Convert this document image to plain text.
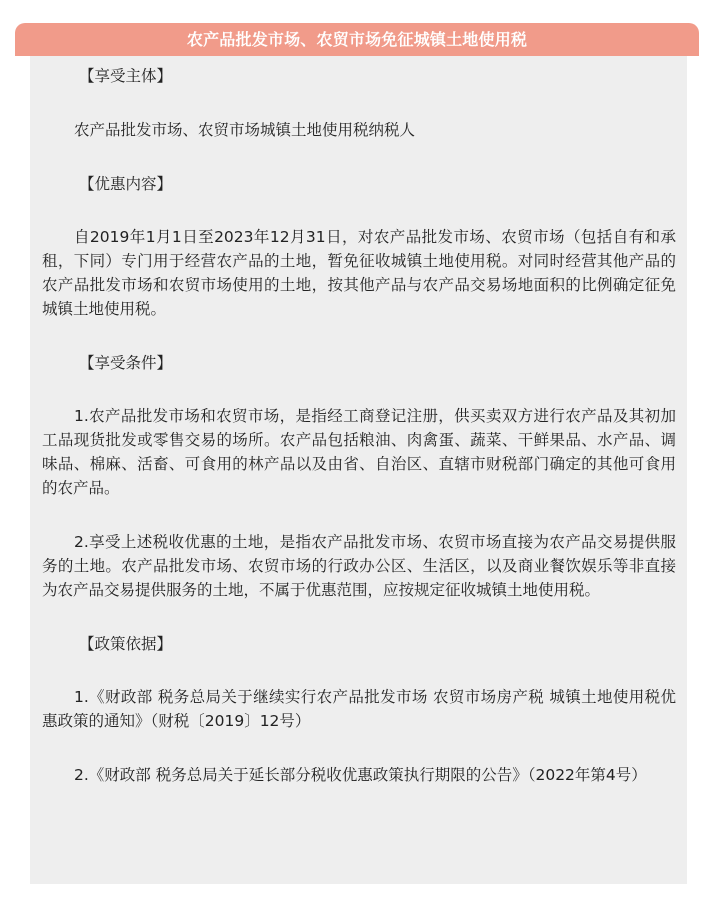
农产品批发市场、农贸市场免征城镇土地使用税

【享受主体】

农产品批发市场、农贸市场城镇土地使用税纳税人

【优惠内容】

自2019年1月1日至2023年12月31日，对农产品批发市场、农贸市场（包括自有和承租，下同）专门用于经营农产品的土地，暂免征收城镇土地使用税。对同时经营其他产品的农产品批发市场和农贸市场使用的土地，按其他产品与农产品交易场地面积的比例确定征免城镇土地使用税。

【享受条件】

1.农产品批发市场和农贸市场，是指经工商登记注册，供买卖双方进行农产品及其初加工品现货批发或零售交易的场所。农产品包括粮油、肉禽蛋、蔬菜、干鲜果品、水产品、调味品、棉麻、活畜、可食用的林产品以及由省、自治区、直辖市财税部门确定的其他可食用的农产品。

2.享受上述税收优惠的土地，是指农产品批发市场、农贸市场直接为农产品交易提供服务的土地。农产品批发市场、农贸市场的行政办公区、生活区，以及商业餐饮娱乐等非直接为农产品交易提供服务的土地，不属于优惠范围，应按规定征收城镇土地使用税。

【政策依据】

1.《财政部 税务总局关于继续实行农产品批发市场 农贸市场房产税 城镇土地使用税优惠政策的通知》（财税〔2019〕12号）

2.《财政部 税务总局关于延长部分税收优惠政策执行期限的公告》（2022年第4号）
